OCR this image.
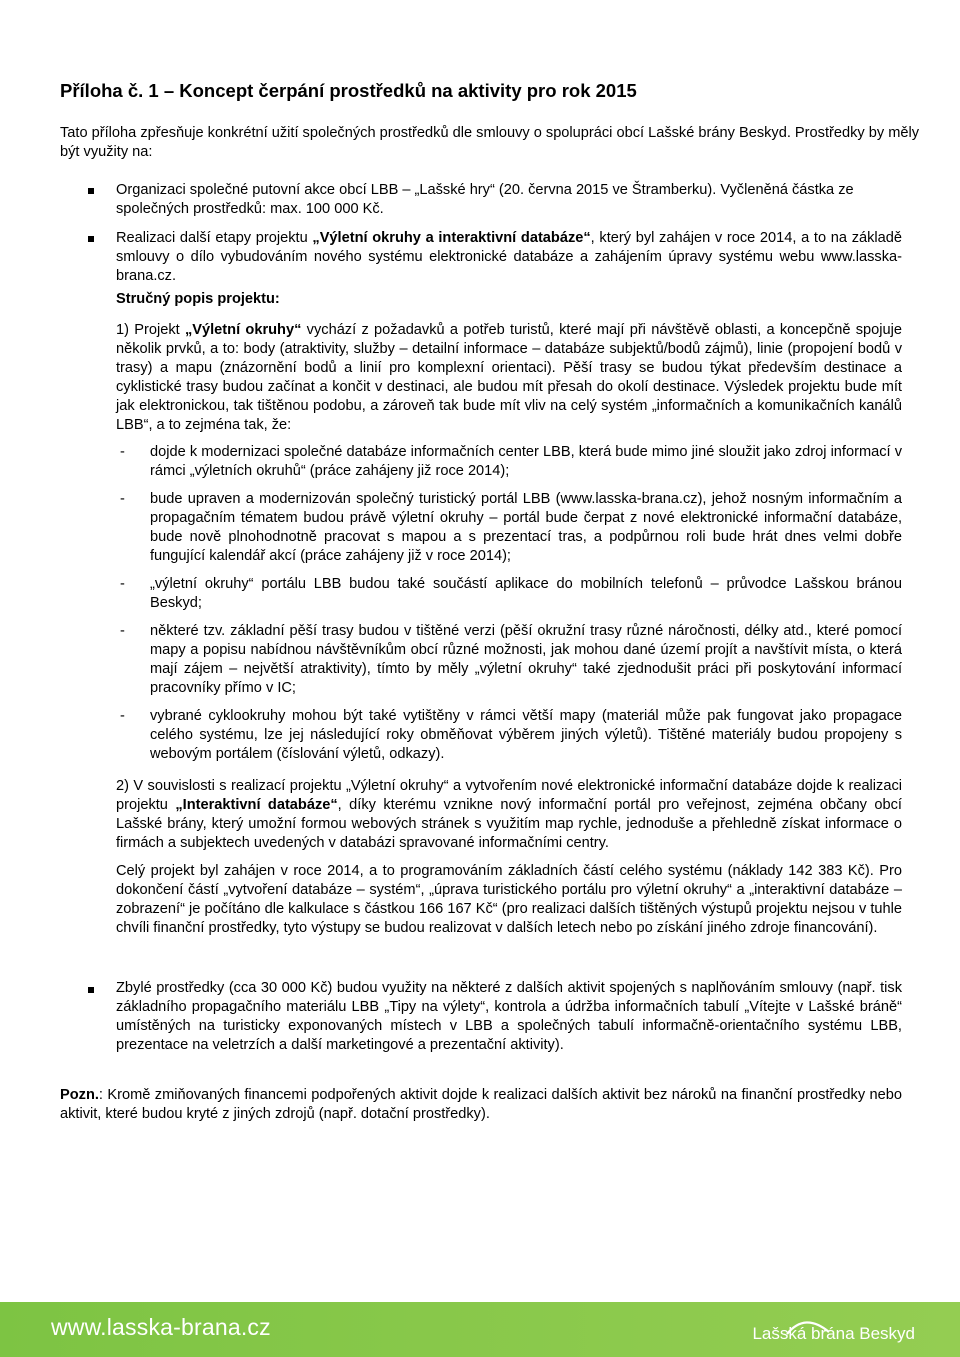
Příloha č. 1 – Koncept čerpání prostředků na aktivity pro rok 2015

Tato příloha zpřesňuje konkrétní užití společných prostředků dle smlouvy o spolupráci obcí Lašské brány Beskyd. Prostředky by měly být využity na:

Organizaci společné putovní akce obcí LBB – „Lašské hry“ (20. června 2015 ve Štramberku). Vyčleněná částka ze společných prostředků: max. 100 000 Kč.

Realizaci další etapy projektu „Výletní okruhy a interaktivní databáze“, který byl zahájen v roce 2014, a to na základě smlouvy o dílo vybudováním nového systému elektronické databáze a zahájením úpravy systému webu www.lasska-brana.cz.

Stručný popis projektu:

1) Projekt „Výletní okruhy“ vychází z požadavků a potřeb turistů, které mají při návštěvě oblasti, a koncepčně spojuje několik prvků, a to: body (atraktivity, služby – detailní informace – databáze subjektů/bodů zájmů), linie (propojení bodů v trasy) a mapu (znázornění bodů a linií pro komplexní orientaci). Pěší trasy se budou týkat především destinace a cyklistické trasy budou začínat a končit v destinaci, ale budou mít přesah do okolí destinace. Výsledek projektu bude mít jak elektronickou, tak tištěnou podobu, a zároveň tak bude mít vliv na celý systém „informačních a komunikačních kanálů LBB“, a to zejména tak, že:

- dojde k modernizaci společné databáze informačních center LBB, která bude mimo jiné sloužit jako zdroj informací v rámci „výletních okruhů“ (práce zahájeny již roce 2014);
- bude upraven a modernizován společný turistický portál LBB (www.lasska-brana.cz), jehož nosným informačním a propagačním tématem budou právě výletní okruhy – portál bude čerpat z nové elektronické informační databáze, bude nově plnohodnotně pracovat s mapou a s prezentací tras, a podpůrnou roli bude hrát dnes velmi dobře fungující kalendář akcí (práce zahájeny již v roce 2014);
- „výletní okruhy“ portálu LBB budou také součástí aplikace do mobilních telefonů – průvodce Lašskou bránou Beskyd;
- některé tzv. základní pěší trasy budou v tištěné verzi (pěší okružní trasy různé náročnosti, délky atd., které pomocí mapy a popisu nabídnou návštěvníkům obcí různé možnosti, jak mohou dané území projít a navštívit místa, o která mají zájem – největší atraktivity), tímto by měly „výletní okruhy“ také zjednodušit práci při poskytování informací pracovníky přímo v IC;
- vybrané cyklookruhy mohou být také vytištěny v rámci větší mapy (materiál může pak fungovat jako propagace celého systému, lze jej následující roky obměňovat výběrem jiných výletů). Tištěné materiály budou propojeny s webovým portálem (číslování výletů, odkazy).

2) V souvislosti s realizací projektu „Výletní okruhy“ a vytvořením nové elektronické informační databáze dojde k realizaci projektu „Interaktivní databáze“, díky kterému vznikne nový informační portál pro veřejnost, zejména občany obcí Lašské brány, který umožní formou webových stránek s využitím map rychle, jednoduše a přehledně získat informace o firmách a subjektech uvedených v databázi spravované informačními centry.

Celý projekt byl zahájen v roce 2014, a to programováním základních částí celého systému (náklady 142 383 Kč). Pro dokončení částí „vytvoření databáze – systém“, „úprava turistického portálu pro výletní okruhy“ a „interaktivní databáze – zobrazení“ je počítáno dle kalkulace s částkou 166 167 Kč“ (pro realizaci dalších tištěných výstupů projektu nejsou v tuhle chvíli finanční prostředky, tyto výstupy se budou realizovat v dalších letech nebo po získání jiného zdroje financování).

Zbylé prostředky (cca 30 000 Kč) budou využity na některé z dalších aktivit spojených s naplňováním smlouvy (např. tisk základního propagačního materiálu LBB „Tipy na výlety“, kontrola a údržba informačních tabulí „Vítejte v Lašské bráně“ umístěných na turisticky exponovaných místech v LBB a společných tabulí informačně-orientačního systému LBB, prezentace na veletrzích a další marketingové a prezentační aktivity).

Pozn.: Kromě zmiňovaných financemi podpořených aktivit dojde k realizaci dalších aktivit bez nároků na finanční prostředky nebo aktivit, které budou kryté z jiných zdrojů (např. dotační prostředky).

www.lasska-brana.cz	Lašská brána Beskyd
